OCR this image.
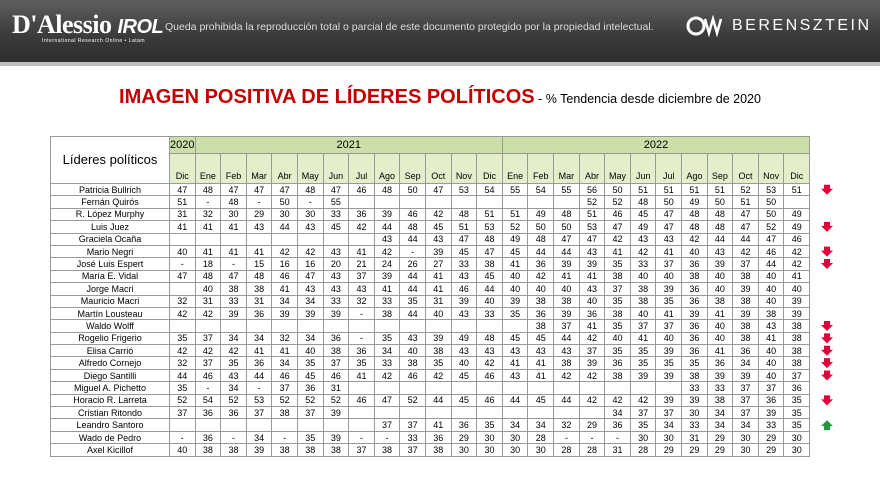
D'Alessio IROL
International Research Online • Latam
Queda prohibida la reproducción total o parcial de este documento protegido por la propiedad intelectual.	BERENSZTEIN
IMAGEN POSITIVA DE LÍDERES POLÍTICOS - % Tendencia desde diciembre de 2020
Líderes políticos	2020	2021												2022											
	Dic	Ene	Feb	Mar	Abr	May	Jun	Jul	Ago	Sep	Oct	Nov	Dic	Ene	Feb	Mar	Abr	May	Jun	Jul	Ago	Sep	Oct	Nov	Dic
Patricia Bullrich	47	48	47	47	47	48	47	46	48	50	47	53	54	55	54	55	56	50	51	51	51	51	52	53	51
Fernán Quirós	51	-	48	-	50	-	55										52	52	48	50	49	50	51	50	
R. López Murphy	31	32	30	29	30	30	33	36	39	46	42	48	51	51	49	48	51	46	45	47	48	48	47	50	49
Luis Juez	41	41	41	43	44	43	45	42	44	48	45	51	53	52	50	50	53	47	49	47	48	48	47	52	49
Graciela Ocaña									43	44	43	47	48	49	48	47	47	42	43	43	42	44	44	47	46
Mario Negri	40	41	41	41	42	42	43	41	42	-	39	45	47	45	44	44	43	41	42	41	40	43	42	46	42
José Luis Espert	-	18	-	15	16	16	20	21	24	26	27	33	38	41	36	39	39	35	33	37	36	39	37	44	42
María E. Vidal	47	48	47	48	46	47	43	37	39	44	41	43	45	40	42	41	41	38	40	40	38	40	38	40	41
Jorge Macri		40	38	38	41	43	43	43	41	44	41	46	44	40	40	40	43	37	38	39	36	40	39	40	40
Mauricio Macri	32	31	33	31	34	34	33	32	33	35	31	39	40	39	38	38	40	35	38	35	36	38	38	40	39
Martín Lousteau	42	42	39	36	39	39	39	-	38	44	40	43	33	35	36	39	36	38	40	41	39	41	39	38	39
Waldo Wolff															38	37	41	35	37	37	36	40	38	43	38
Rogelio Frigerio	35	37	34	34	32	34	36	-	35	43	39	49	48	45	45	44	42	40	41	40	36	40	38	41	38
Elisa Carrió	42	42	42	41	41	40	38	36	34	40	38	43	43	43	43	43	37	35	35	39	36	41	36	40	38
Alfredo Cornejo	32	37	35	36	34	35	37	35	33	38	35	40	42	41	41	38	39	36	35	35	35	36	34	40	38
Diego Santilli	44	46	43	44	46	45	46	41	42	46	42	45	46	43	41	42	42	38	39	39	38	39	39	40	37
Miguel A. Pichetto	35	-	34	-	37	36	31														33	33	37	37	36
Horacio R. Larreta	52	54	52	53	52	52	52	46	47	52	44	45	46	44	45	44	42	42	42	39	39	38	37	36	35
Cristian Ritondo	37	36	36	37	38	37	39											34	37	37	30	34	37	39	35
Leandro Santoro									37	37	41	36	35	34	34	32	29	36	35	34	33	34	34	33	35
Wado de Pedro	-	36	-	34	-	35	39	-	-	33	36	29	30	30	28	-	-	-	30	30	31	29	30	29	30
Axel Kicillof	40	38	38	39	38	38	38	37	38	37	38	30	30	30	30	28	28	31	28	29	29	29	30	29	30
